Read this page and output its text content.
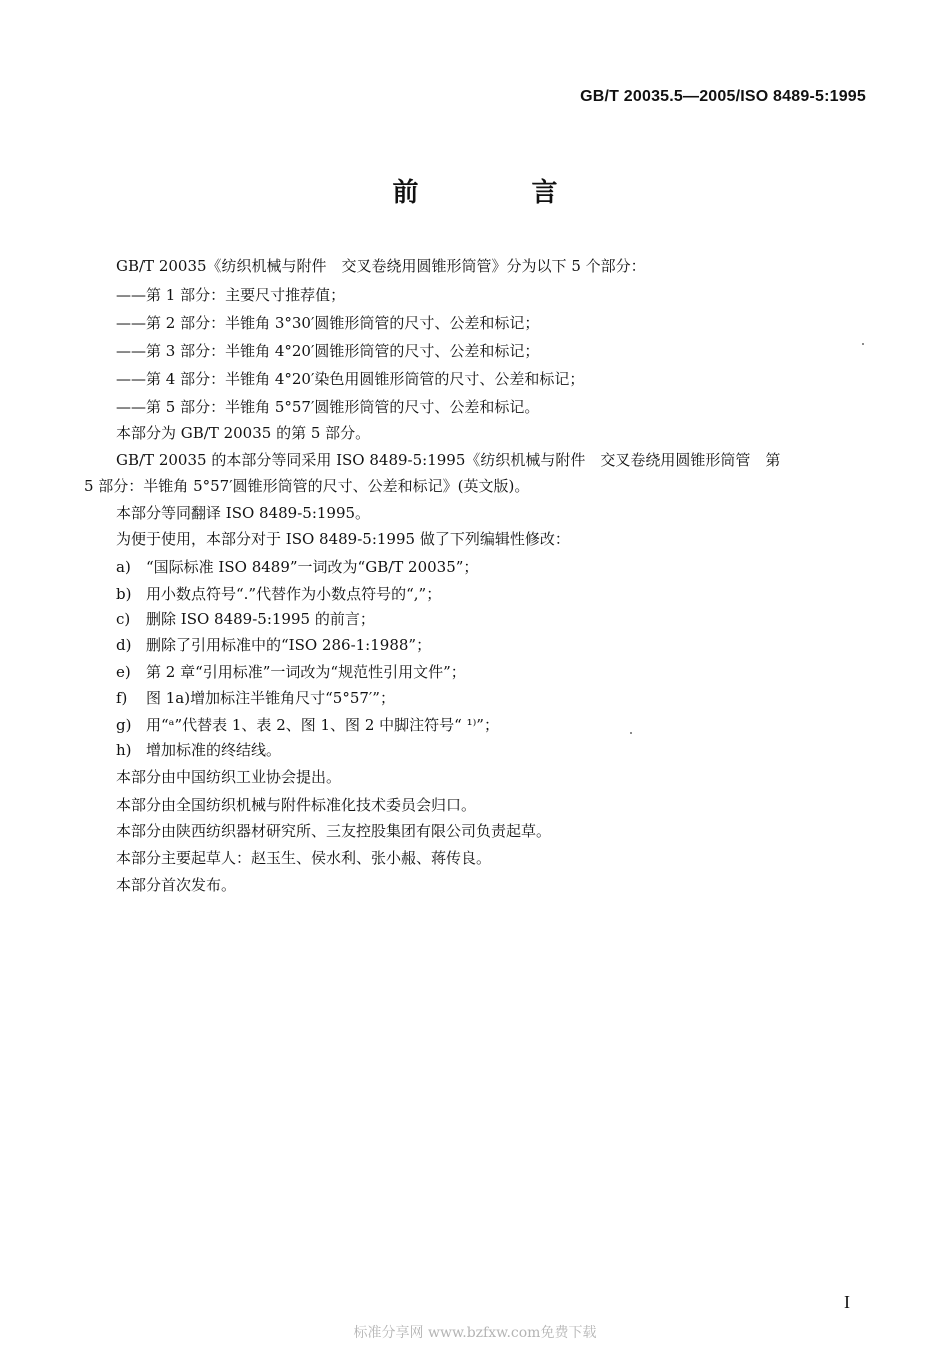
GB/T 20035.5—2005/ISO 8489-5:1995
前 言
GB/T 20035《纺织机械与附件　交叉卷绕用圆锥形筒管》分为以下 5 个部分：
——第 1 部分：主要尺寸推荐值；
——第 2 部分：半锥角 3°30′圆锥形筒管的尺寸、公差和标记；
——第 3 部分：半锥角 4°20′圆锥形筒管的尺寸、公差和标记；
——第 4 部分：半锥角 4°20′染色用圆锥形筒管的尺寸、公差和标记；
——第 5 部分：半锥角 5°57′圆锥形筒管的尺寸、公差和标记。
本部分为 GB/T 20035 的第 5 部分。
GB/T 20035 的本部分等同采用 ISO 8489-5:1995《纺织机械与附件　交叉卷绕用圆锥形筒管　第
5 部分：半锥角 5°57′圆锥形筒管的尺寸、公差和标记》(英文版)。
本部分等同翻译 ISO 8489-5:1995。
为便于使用，本部分对于 ISO 8489-5:1995 做了下列编辑性修改：
a) “国际标准 ISO 8489”一词改为“GB/T 20035”；
b) 用小数点符号“.”代替作为小数点符号的“,”；
c) 删除 ISO 8489-5:1995 的前言；
d) 删除了引用标准中的“ISO 286-1:1988”；
e) 第 2 章“引用标准”一词改为“规范性引用文件”；
f) 图 1a)增加标注半锥角尺寸“5°57′”；
g) 用“ᵃ”代替表 1、表 2、图 1、图 2 中脚注符号“ ¹⁾”；
h) 增加标准的终结线。
本部分由中国纺织工业协会提出。
本部分由全国纺织机械与附件标准化技术委员会归口。
本部分由陕西纺织器材研究所、三友控股集团有限公司负责起草。
本部分主要起草人：赵玉生、侯水利、张小赧、蒋传良。
本部分首次发布。
I
标准分享网 www.bzfxw.com免费下载
